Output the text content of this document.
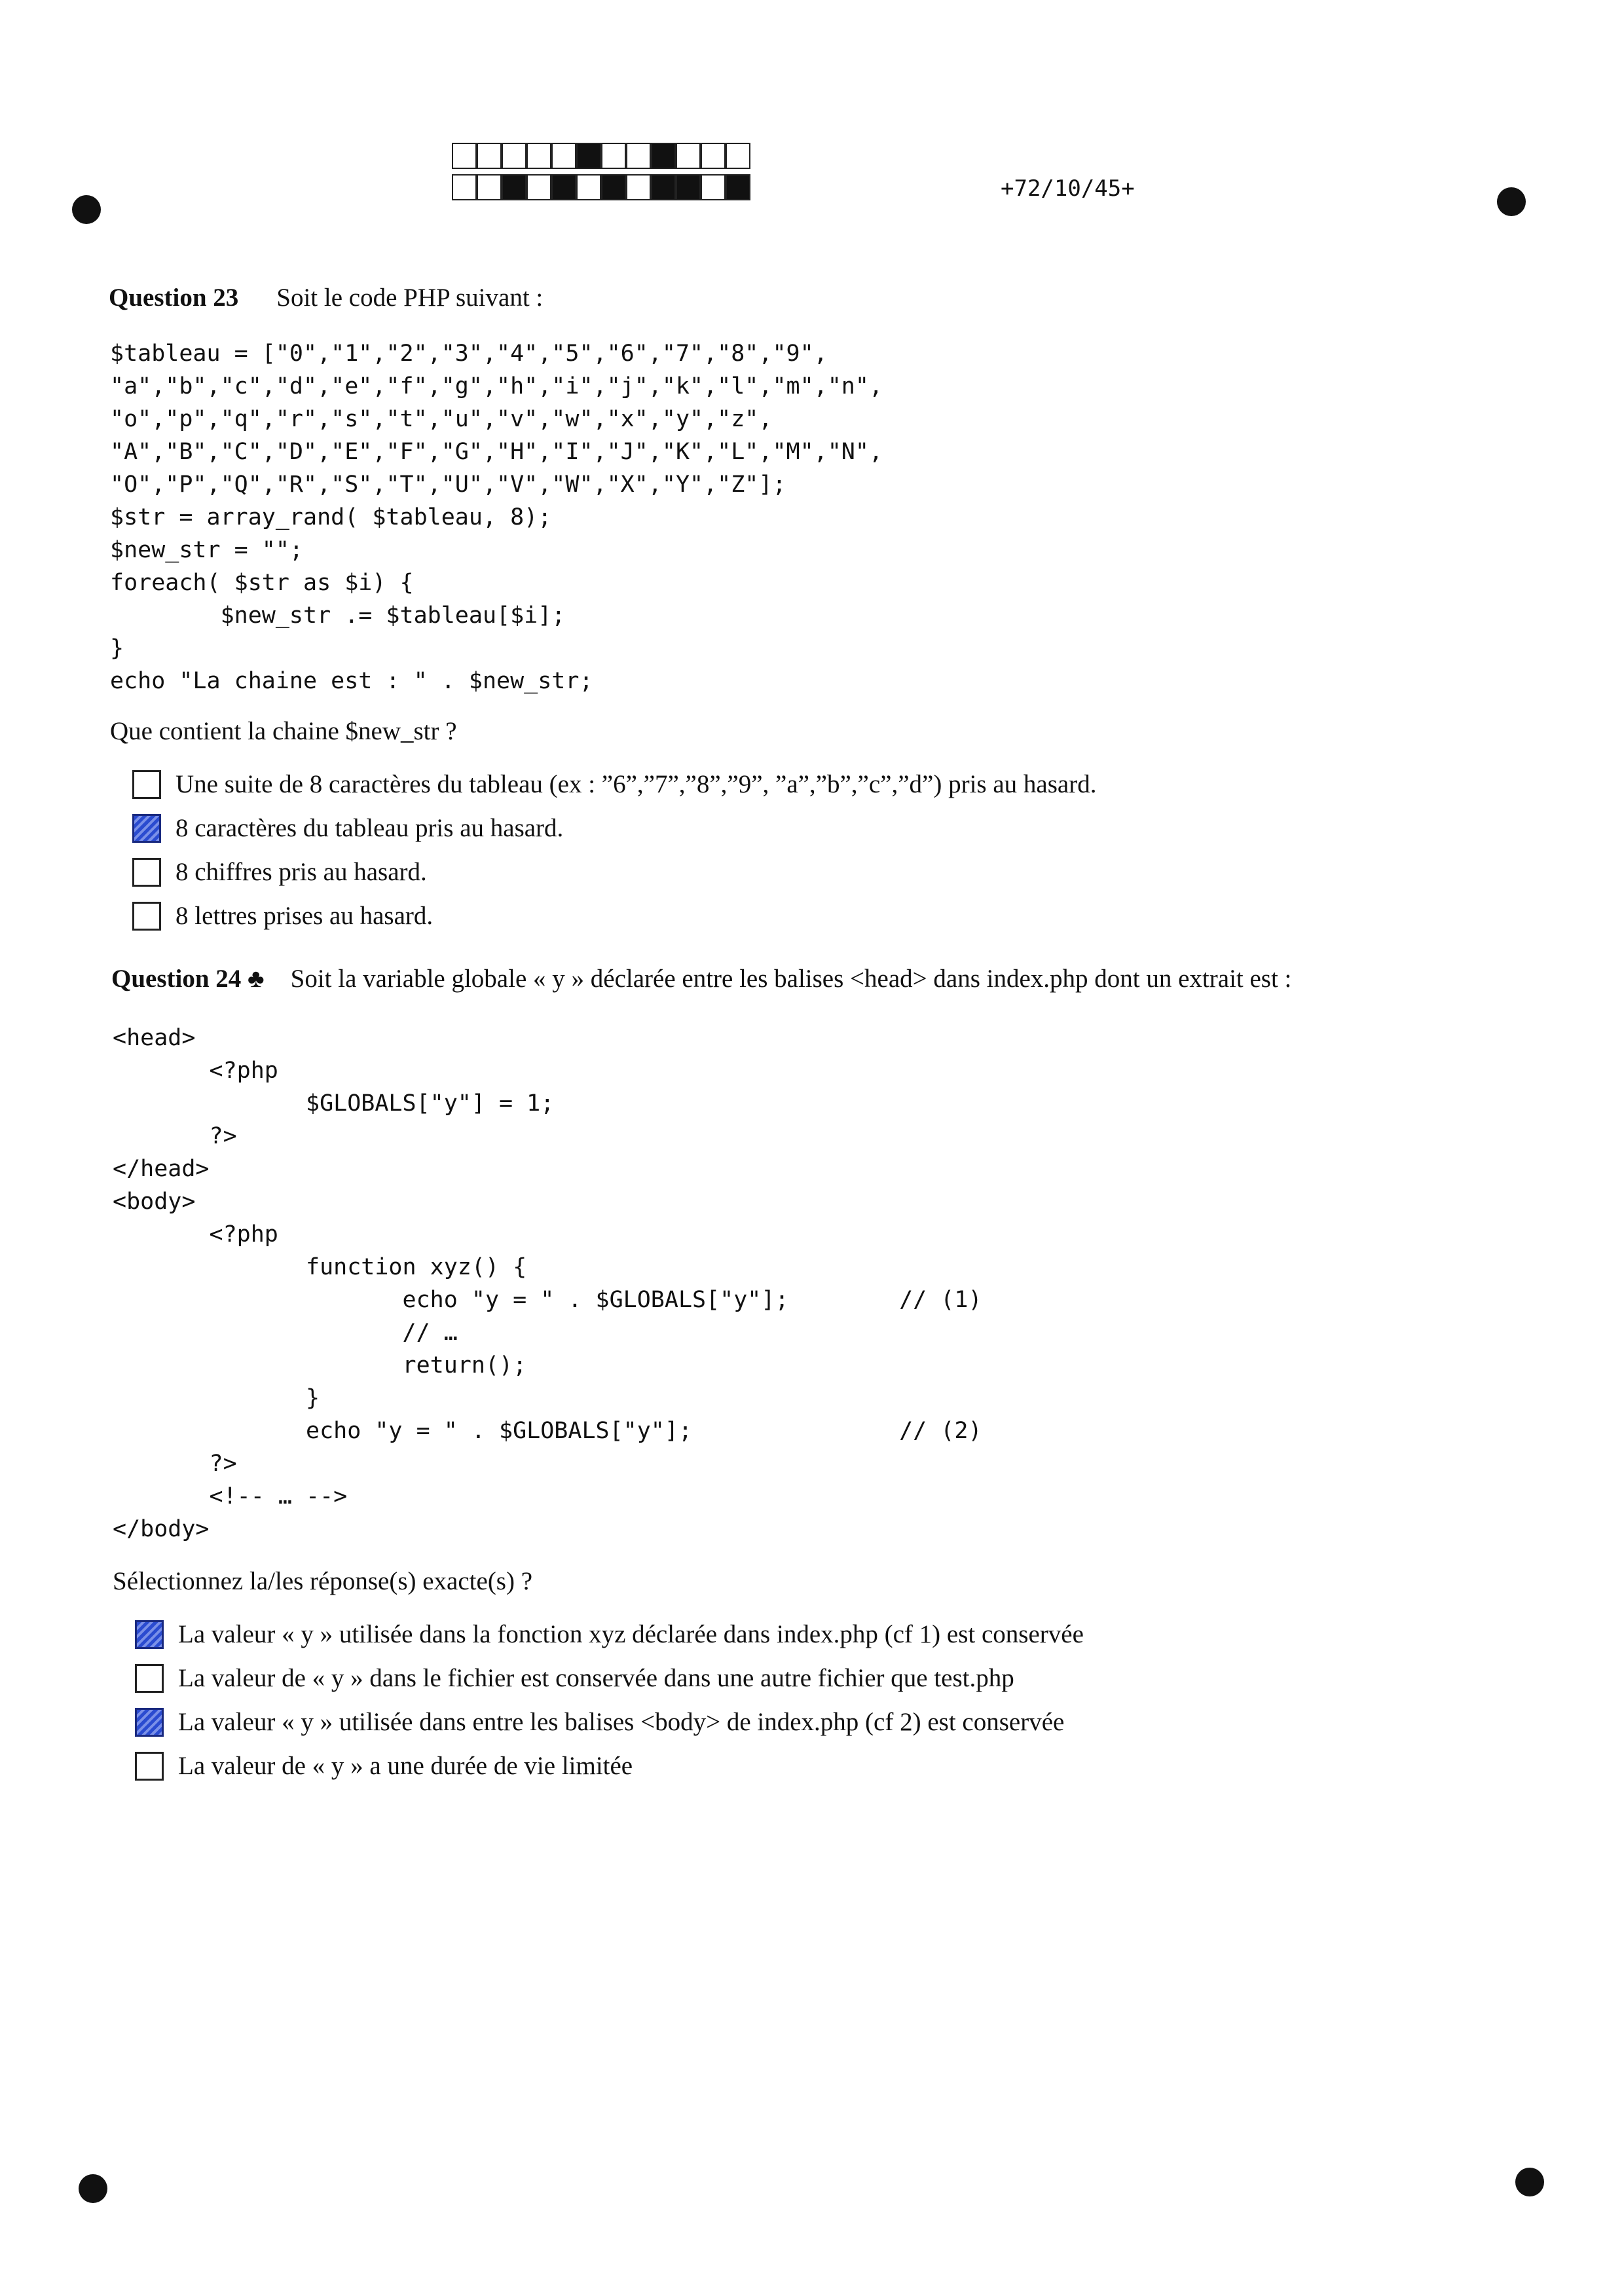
+72/10/45+
Question 23 Soit le code PHP suivant :
$tableau = ["0","1","2","3","4","5","6","7","8","9",
"a","b","c","d","e","f","g","h","i","j","k","l","m","n",
"o","p","q","r","s","t","u","v","w","x","y","z",
"A","B","C","D","E","F","G","H","I","J","K","L","M","N",
"O","P","Q","R","S","T","U","V","W","X","Y","Z"];
$str = array_rand( $tableau, 8);
$new_str = "";
foreach( $str as $i) {
$new_str .= $tableau[$i];
}
echo "La chaine est : " . $new_str;
Que contient la chaine $new_str ?
Une suite de 8 caractères du tableau (ex : ”6”,”7”,”8”,”9”, ”a”,”b”,”c”,”d”) pris au hasard.
8 caractères du tableau pris au hasard.
8 chiffres pris au hasard.
8 lettres prises au hasard.
Question 24 ♣ Soit la variable globale « y » déclarée entre les balises <head> dans index.php dont un extrait est :
<head>
<?php
$GLOBALS["y"] = 1;
?>
</head>
<body>
<?php
function xyz() {
echo "y = " . $GLOBALS["y"];        // (1)
// …
return();
}
echo "y = " . $GLOBALS["y"];               // (2)
?>
<!-- … -->
</body>
Sélectionnez la/les réponse(s) exacte(s) ?
La valeur « y » utilisée dans la fonction xyz déclarée dans index.php (cf 1) est conservée
La valeur de « y » dans le fichier est conservée dans une autre fichier que test.php
La valeur « y » utilisée dans entre les balises <body> de index.php (cf 2) est conservée
La valeur de « y » a une durée de vie limitée
